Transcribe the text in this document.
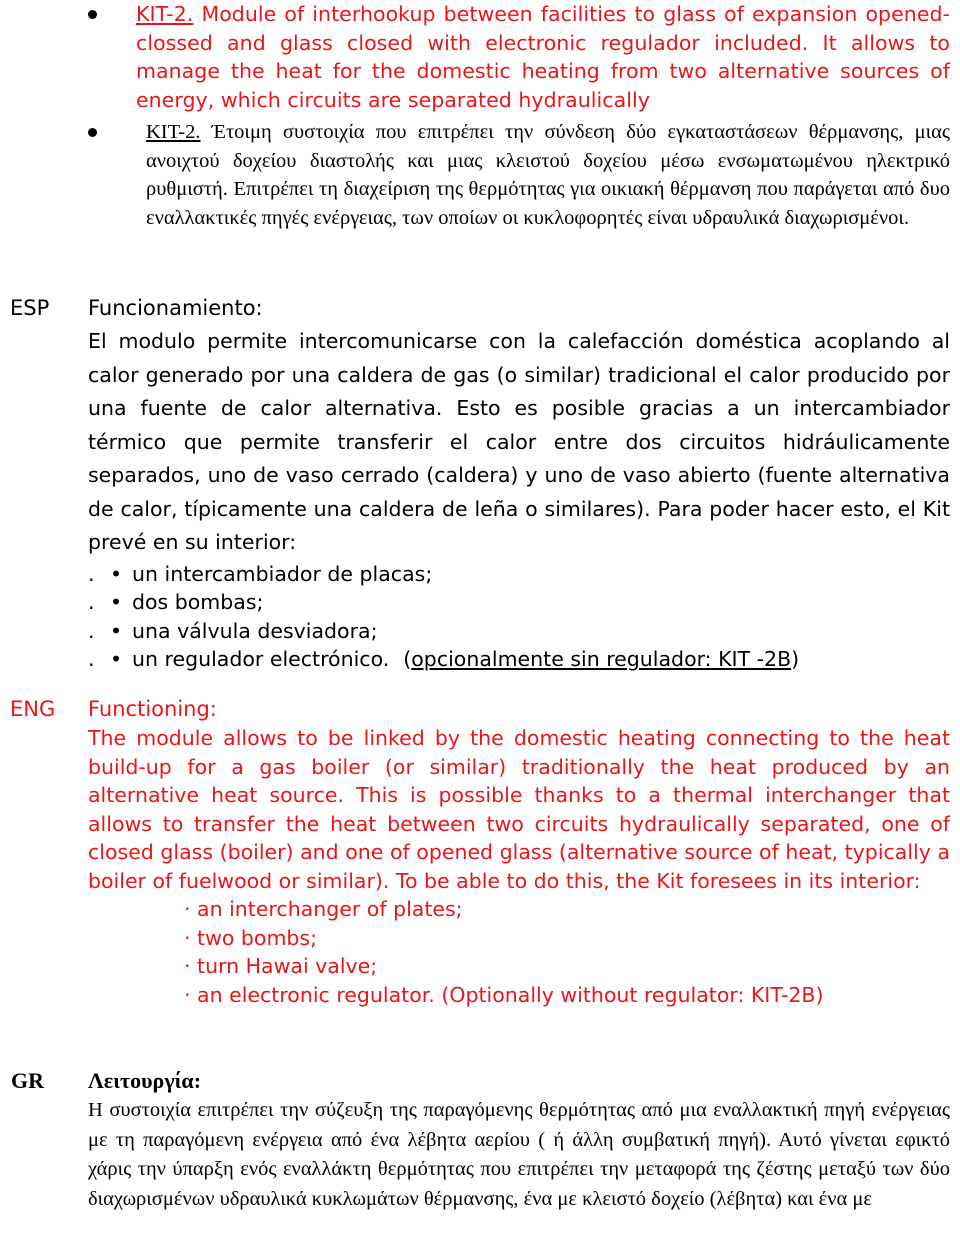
KIT-2. Module of interhookup between facilities to glass of expansion opened-clossed and glass closed with electronic regulador included. It allows to manage the heat for the domestic heating from two alternative sources of energy, which circuits are separated hydraulically
KIT-2. Έτοιμη συστοιχία που επιτρέπει την σύνδεση δύο εγκαταστάσεων θέρμανσης, μιας ανοιχτού δοχείου διαστολής και μιας κλειστού δοχείου μέσω ενσωματωμένου ηλεκτρικό ρυθμιστή. Επιτρέπει τη διαχείριση της θερμότητας για οικιακή θέρμανση που παράγεται από δυο εναλλακτικές πηγές ενέργειας, των οποίων οι κυκλοφορητές είναι υδραυλικά διαχωρισμένοι.
ESP Funcionamiento:
El modulo permite intercomunicarse con la calefacción doméstica acoplando al calor generado por una caldera de gas (o similar) tradicional el calor producido por una fuente de calor alternativa. Esto es posible gracias a un intercambiador térmico que permite transferir el calor entre dos circuitos hidráulicamente separados, uno de vaso cerrado (caldera) y uno de vaso abierto (fuente alternativa de calor, típicamente una caldera de leña o similares). Para poder hacer esto, el Kit prevé en su interior:
. • un intercambiador de placas;
. • dos bombas;
. • una válvula desviadora;
. • un regulador electrónico. (opcionalmente sin regulador: KIT -2B)
ENG Functioning:
The module allows to be linked by the domestic heating connecting to the heat build-up for a gas boiler (or similar) traditionally the heat produced by an alternative heat source. This is possible thanks to a thermal interchanger that allows to transfer the heat between two circuits hydraulically separated, one of closed glass (boiler) and one of opened glass (alternative source of heat, typically a boiler of fuelwood or similar). To be able to do this, the Kit foresees in its interior:
· an interchanger of plates;
· two bombs;
· turn Hawai valve;
· an electronic regulator. (Optionally without regulator: KIT-2B)
GR Λειτουργία:
Η συστοιχία επιτρέπει την σύζευξη της παραγόμενης θερμότητας από μια εναλλακτική πηγή ενέργειας με τη παραγόμενη ενέργεια από ένα λέβητα αερίου ( ή άλλη συμβατική πηγή). Αυτό γίνεται εφικτό χάρις την ύπαρξη ενός εναλλάκτη θερμότητας που επιτρέπει την μεταφορά της ζέστης μεταξύ των δύο διαχωρισμένων υδραυλικά κυκλωμάτων θέρμανσης, ένα με κλειστό δοχείο (λέβητα) και ένα με
